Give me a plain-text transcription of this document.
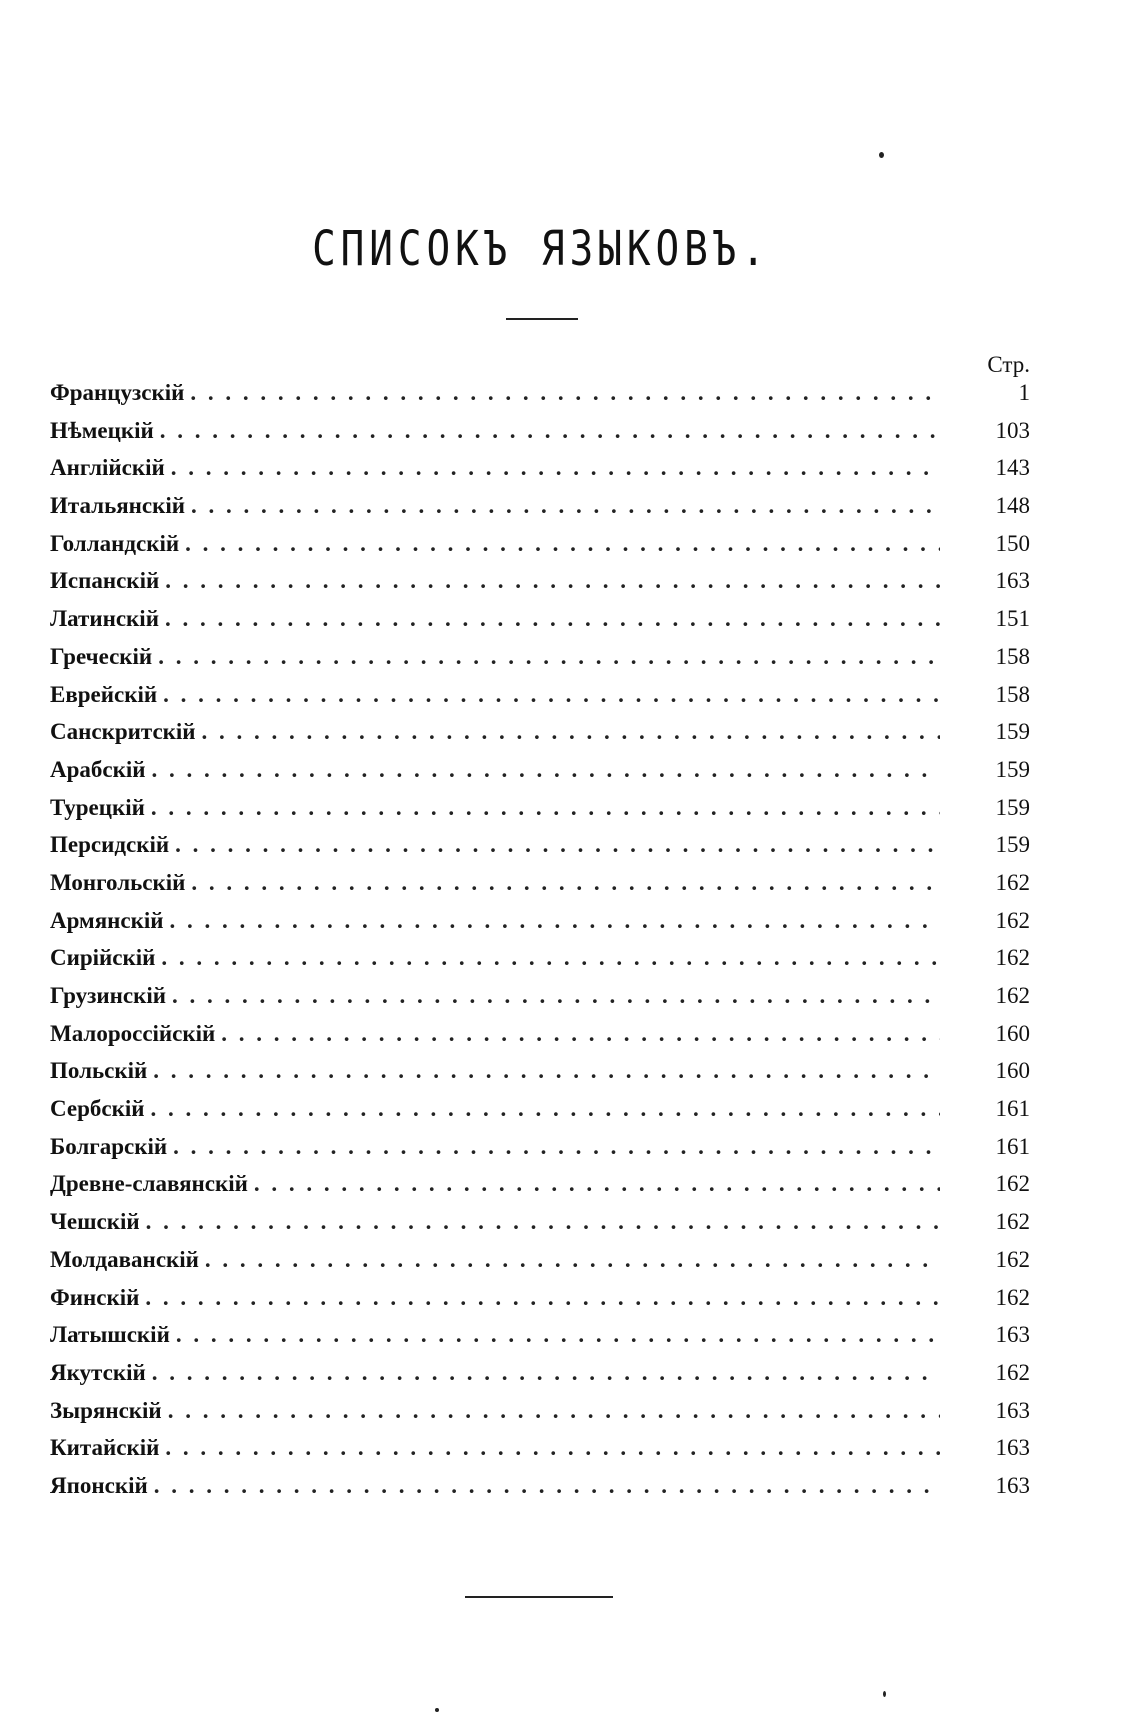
СПИСОКЪ ЯЗЫКОВЪ.
Стр.
Французскій . . .	1
Нѣмецкій . . .	103
Англійскій . . .	143
Итальянскій . . .	148
Голландскій . . .	150
Испанскій . . .	163
Латинскій . . .	151
Греческій . . .	158
Еврейскій . . .	158
Санскритскій . . .	159
Арабскій . . .	159
Турецкій . . .	159
Персидскій . . .	159
Монгольскій . . .	162
Армянскій . . .	162
Сирійскій . . .	162
Грузинскій . . .	162
Малороссійскій . . .	160
Польскій . . .	160
Сербскій . . .	161
Болгарскій . . .	161
Древне-славянскій . . .	162
Чешскій . . .	162
Молдаванскій . . .	162
Финскій . . .	162
Латышскій . . .	163
Якутскій . . .	162
Зырянскій . . .	163
Китайскій . . .	163
Японскій . . .	163
